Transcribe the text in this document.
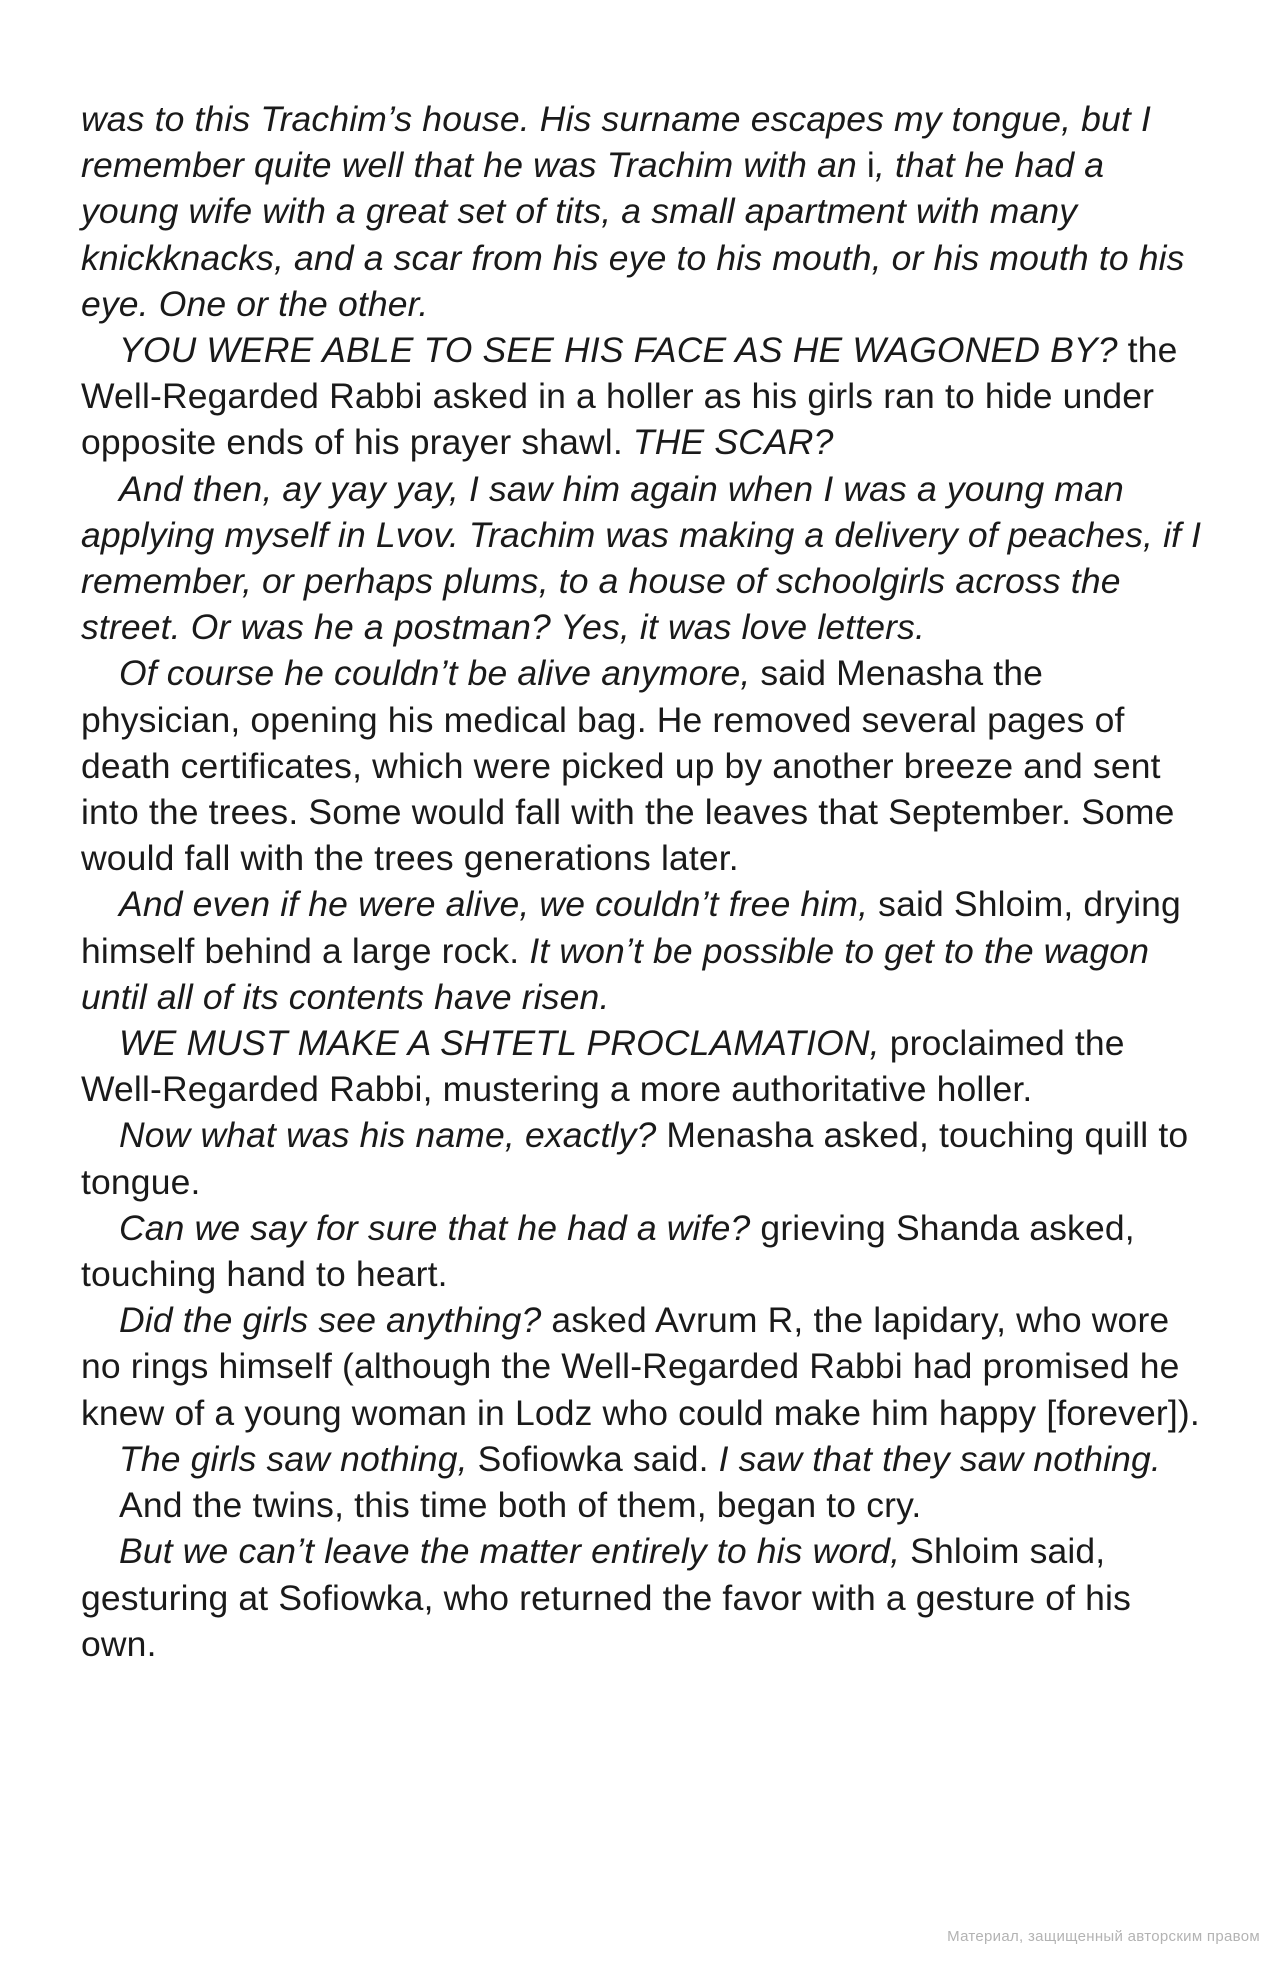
was to this Trachim’s house. His surname escapes my tongue, but I remember quite well that he was Trachim with an i, that he had a young wife with a great set of tits, a small apartment with many knickknacks, and a scar from his eye to his mouth, or his mouth to his eye. One or the other.

YOU WERE ABLE TO SEE HIS FACE AS HE WAGONED BY? the Well-Regarded Rabbi asked in a holler as his girls ran to hide under opposite ends of his prayer shawl. THE SCAR?

And then, ay yay yay, I saw him again when I was a young man applying myself in Lvov. Trachim was making a delivery of peaches, if I remember, or perhaps plums, to a house of schoolgirls across the street. Or was he a postman? Yes, it was love letters.

Of course he couldn’t be alive anymore, said Menasha the physician, opening his medical bag. He removed several pages of death certificates, which were picked up by another breeze and sent into the trees. Some would fall with the leaves that September. Some would fall with the trees generations later.

And even if he were alive, we couldn’t free him, said Shloim, drying himself behind a large rock. It won’t be possible to get to the wagon until all of its contents have risen.

WE MUST MAKE A SHTETL PROCLAMATION, proclaimed the Well-Regarded Rabbi, mustering a more authoritative holler.

Now what was his name, exactly? Menasha asked, touching quill to tongue.

Can we say for sure that he had a wife? grieving Shanda asked, touching hand to heart.

Did the girls see anything? asked Avrum R, the lapidary, who wore no rings himself (although the Well-Regarded Rabbi had promised he knew of a young woman in Lodz who could make him happy [forever]).

The girls saw nothing, Sofiowka said. I saw that they saw nothing.

And the twins, this time both of them, began to cry.

But we can’t leave the matter entirely to his word, Shloim said, gesturing at Sofiowka, who returned the favor with a gesture of his own.

Материал, защищенный авторским правом
